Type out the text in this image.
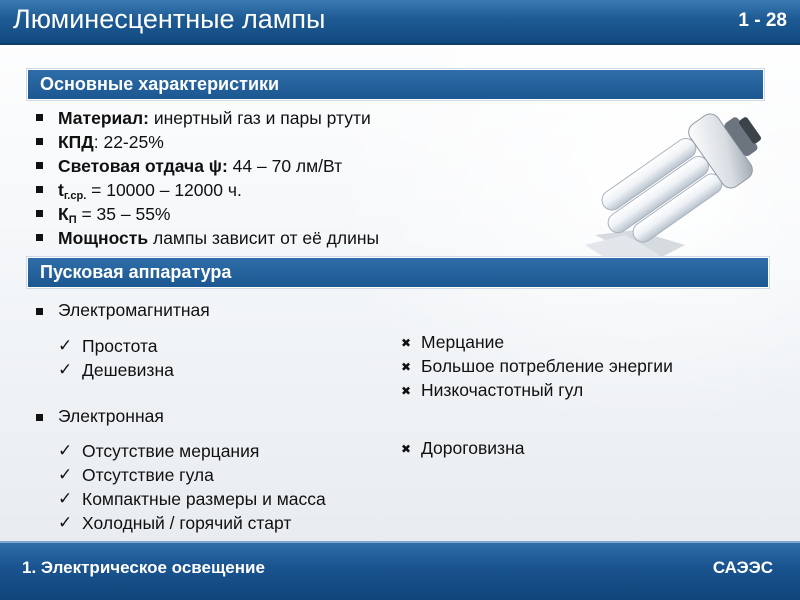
Люминесцентные лампы	1 - 28
Основные характеристики
Материал: инертный газ и пары ртути
КПД: 22-25%
Световая отдача ψ: 44 – 70 лм/Вт
$t_{г.ср.} = 10000 - 12000$ ч.
$К_П = 35 - 55\%$
Мощность лампы зависит от её длины
Пусковая аппаратура
Электромагнитная
✓ Простота
✓ Дешевизна
✖ Мерцание
✖ Большое потребление энергии
✖ Низкочастотный гул
Электронная
✓ Отсутствие мерцания
✓ Отсутствие гула
✓ Компактные размеры и масса
✓ Холодный / горячий старт
✖ Дороговизна
1. Электрическое освещение	САЭЭС
